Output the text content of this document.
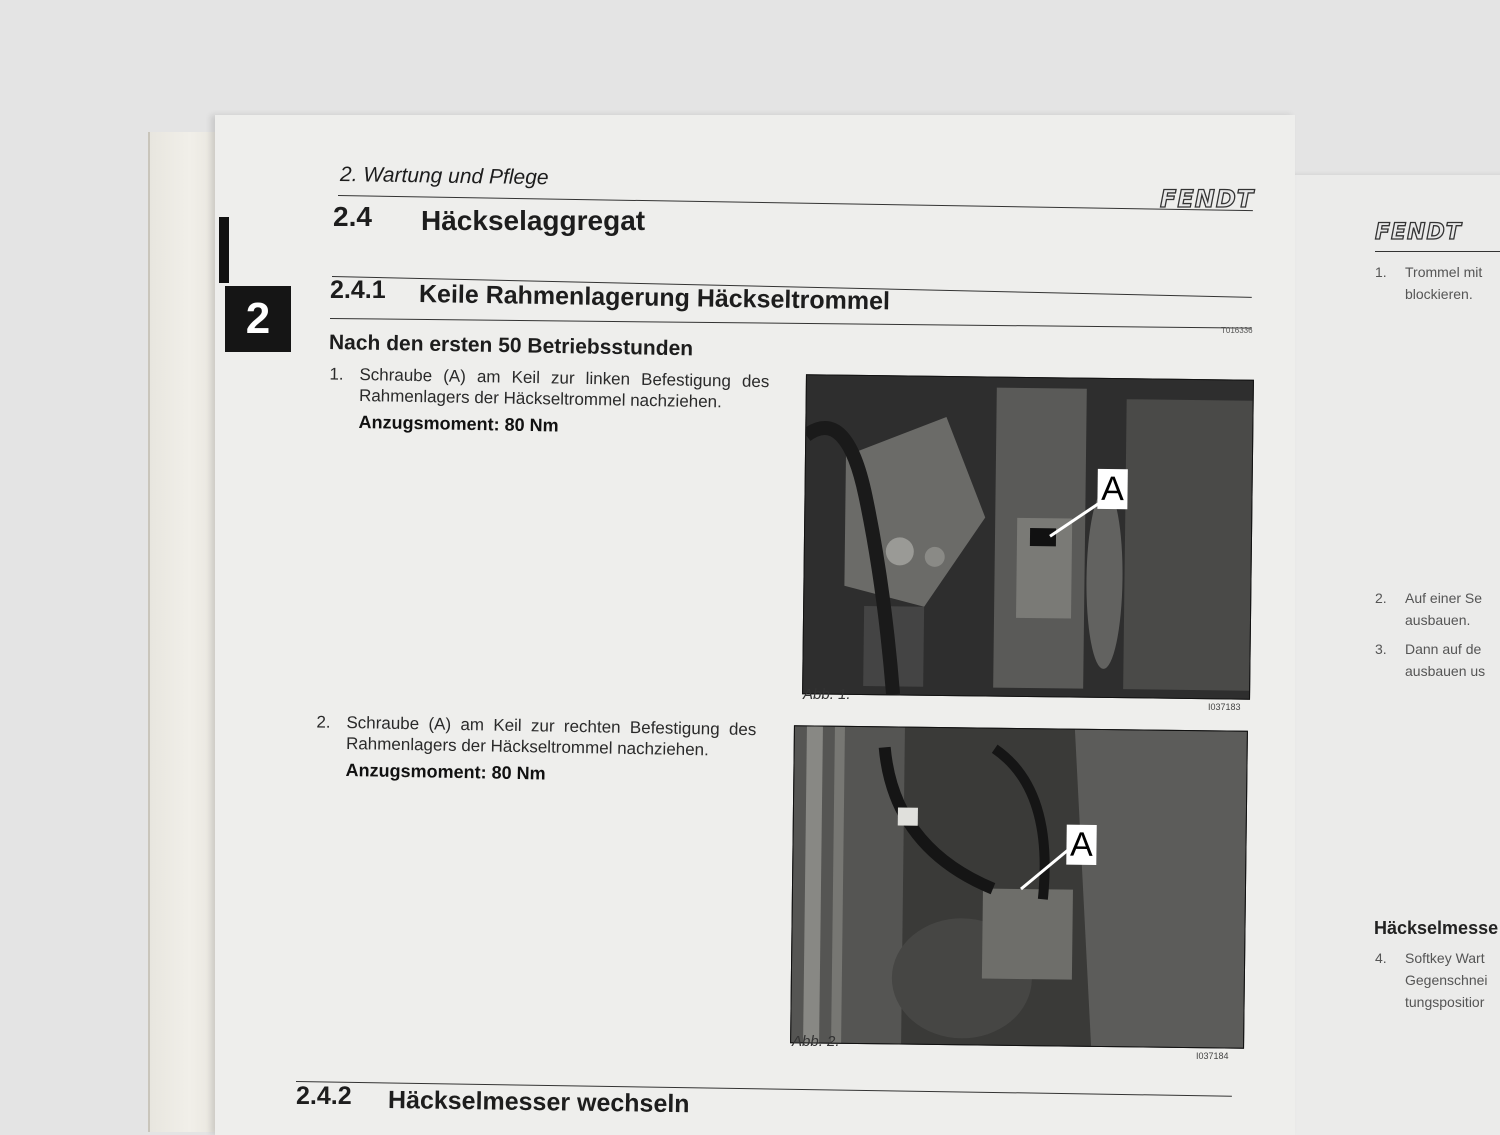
FENDT
1. Trommel mit
blockieren.
2. Auf einer Se
ausbauen.
3. Dann auf de
ausbauen us
Häckselmesse
4. Softkey Wart
Gegenschnei
tungspositior
2
2. Wartung und Pflege
FENDT
2.4 Häckselaggregat
2.4.1 Keile Rahmenlagerung Häckseltrommel
T016336
Nach den ersten 50 Betriebsstunden
1. Schraube (A) am Keil zur linken Befestigung des Rahmenlagers der Häckseltrommel nachziehen.
Anzugsmoment: 80 Nm
A
Abb. 1.
I037183
2. Schraube (A) am Keil zur rechten Befestigung des Rahmenlagers der Häckseltrommel nachziehen.
Anzugsmoment: 80 Nm
A
Abb. 2.
I037184
2.4.2 Häckselmesser wechseln
